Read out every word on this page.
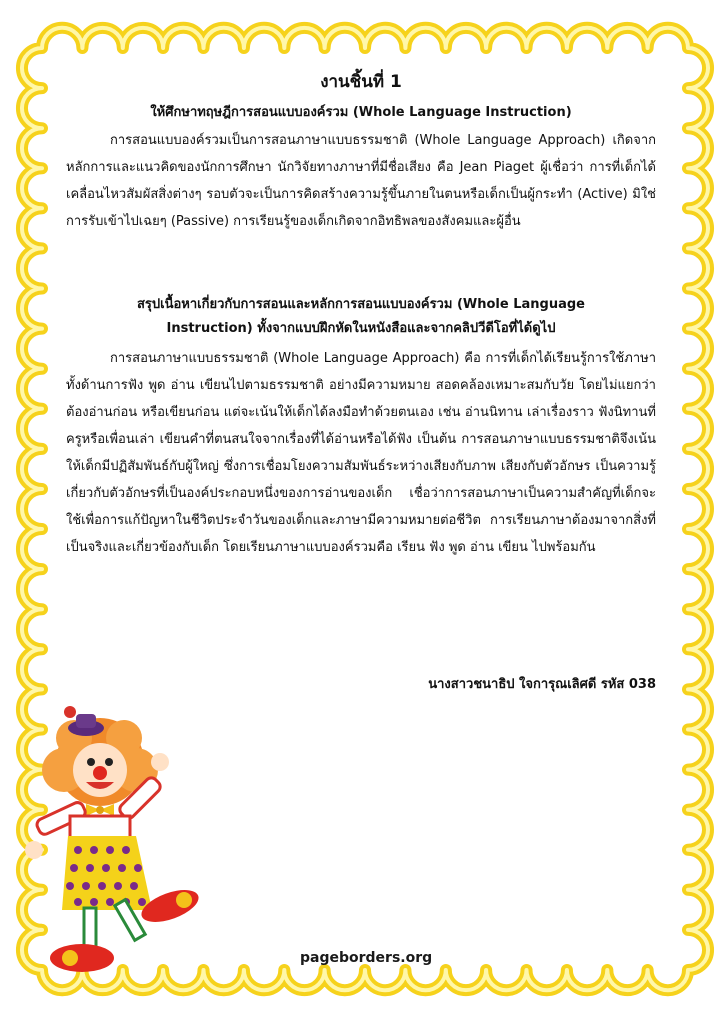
งานชิ้นที่ 1
ให้ศึกษาทฤษฎีการสอนแบบองค์รวม (Whole Language Instruction)
การสอนแบบองค์รวมเป็นการสอนภาษาแบบธรรมชาติ (Whole Language Approach) เกิดจากหลักการและแนวคิดของนักการศึกษา นักวิจัยทางภาษาที่มีชื่อเสียง คือ Jean Piaget ผู้เชื่อว่า การที่เด็กได้เคลื่อนไหวสัมผัสสิ่งต่างๆ รอบตัวจะเป็นการคิดสร้างความรู้ขึ้นภายในตนหรือเด็กเป็นผู้กระทำ (Active) มิใช่การรับเข้าไปเฉยๆ (Passive) การเรียนรู้ของเด็กเกิดจากอิทธิพลของสังคมและผู้อื่น
สรุปเนื้อหาเกี่ยวกับการสอนและหลักการสอนแบบองค์รวม (Whole Language
Instruction) ทั้งจากแบบฝึกหัดในหนังสือและจากคลิปวีดีโอที่ได้ดูไป
การสอนภาษาแบบธรรมชาติ (Whole Language Approach) คือ การที่เด็กได้เรียนรู้การใช้ภาษาทั้งด้านการฟัง พูด อ่าน เขียนไปตามธรรมชาติ อย่างมีความหมาย สอดคล้องเหมาะสมกับวัย โดยไม่แยกว่าต้องอ่านก่อน หรือเขียนก่อน แต่จะเน้นให้เด็กได้ลงมือทำด้วยตนเอง เช่น อ่านนิทาน เล่าเรื่องราว ฟังนิทานที่ครูหรือเพื่อนเล่า เขียนคำที่ตนสนใจจากเรื่องที่ได้อ่านหรือได้ฟัง เป็นต้น การสอนภาษาแบบธรรมชาติจึงเน้นให้เด็กมีปฏิสัมพันธ์กับผู้ใหญ่ ซึ่งการเชื่อมโยงความสัมพันธ์ระหว่างเสียงกับภาพ เสียงกับตัวอักษร เป็นความรู้เกี่ยวกับตัวอักษรที่เป็นองค์ประกอบหนึ่งของการอ่านของเด็ก เชื่อว่าการสอนภาษาเป็นความสำคัญที่เด็กจะใช้เพื่อการแก้ปัญหาในชีวิตประจำวันของเด็กและภาษามีความหมายต่อชีวิต การเรียนภาษาต้องมาจากสิ่งที่เป็นจริงและเกี่ยวข้องกับเด็ก โดยเรียนภาษาแบบองค์รวมคือ เรียน ฟัง พูด อ่าน เขียน ไปพร้อมกัน
นางสาวชนาธิป ใจการุณเลิศดี รหัส 038
pageborders.org
